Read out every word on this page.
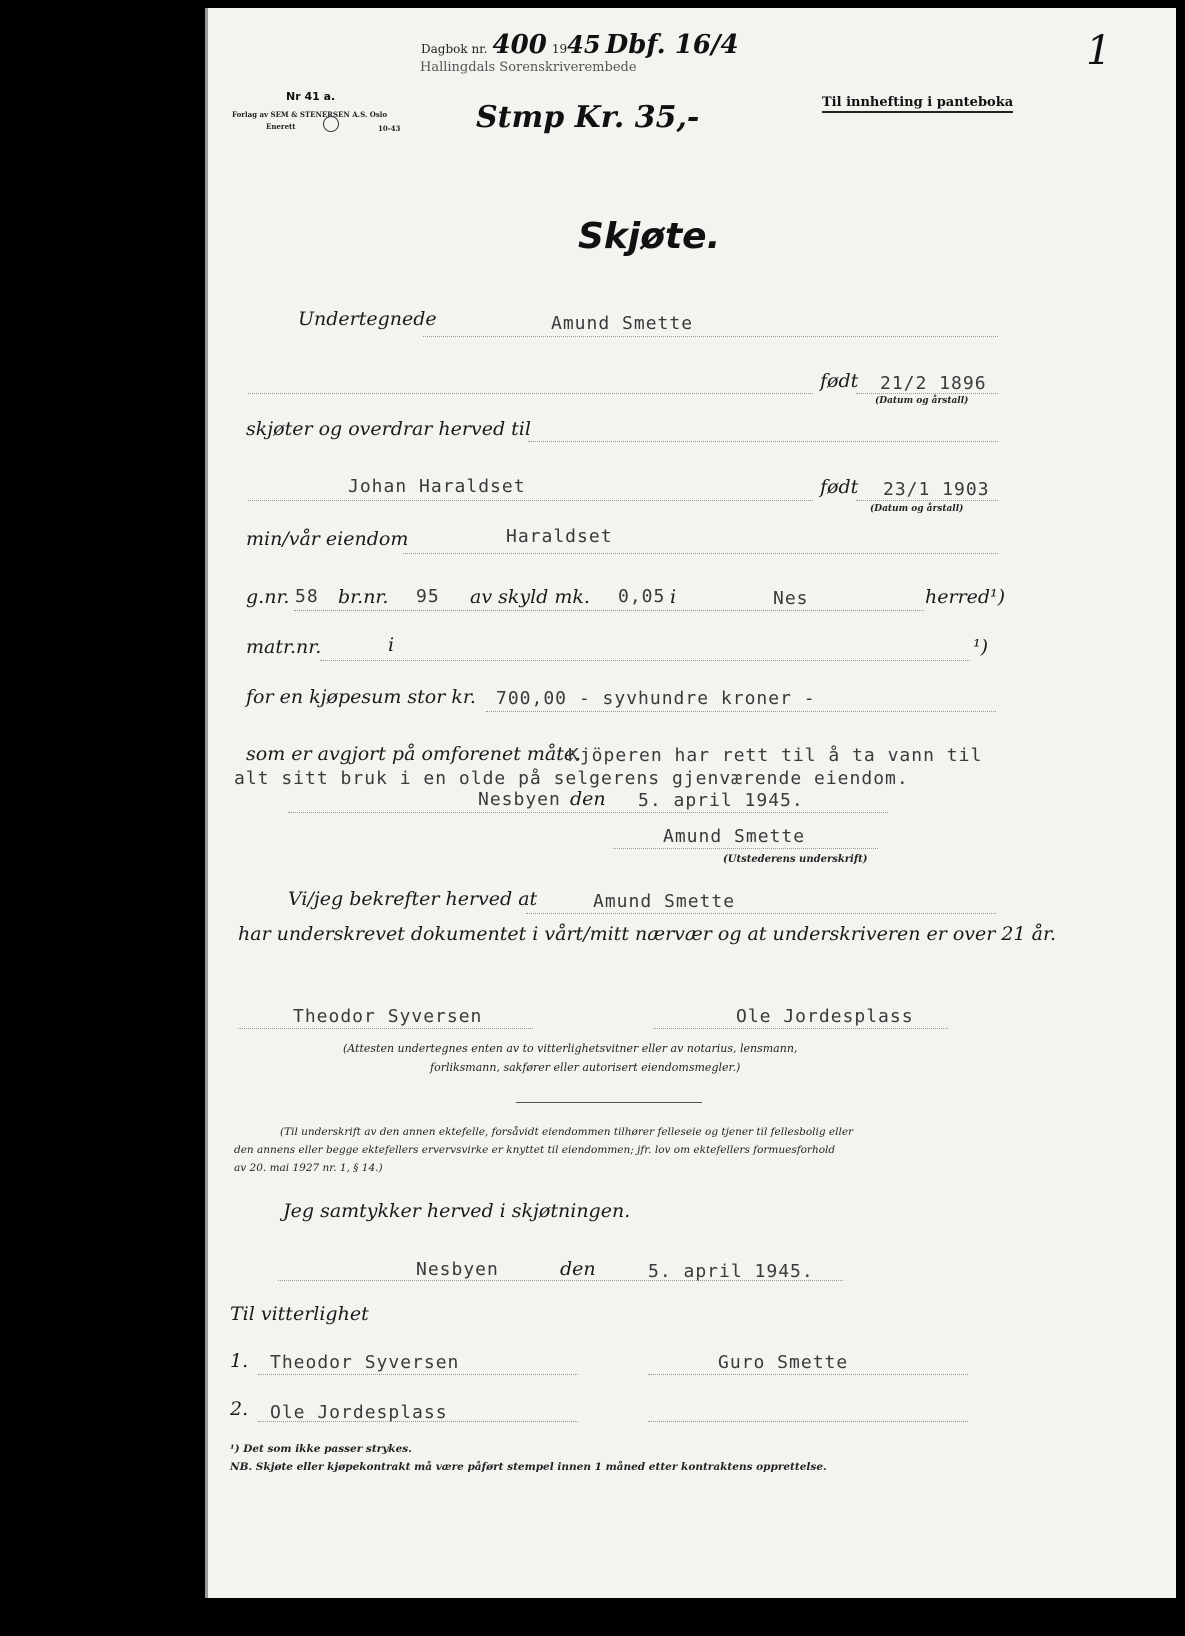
Dagbok nr. 400 1945 Dbf. 16/4
Hallingdals Sorenskriverembede
Nr 41 a.
Forlag av SEM & STENERSEN A.S. Oslo
Enerett	10-43	Stmp Kr. 35,-	Til innhefting i panteboka
1
Skjøte.
Undertegnede	Amund Smette
født 21/2 1896
(Datum og årstall)
skjøter og overdrar herved til
Johan Haraldset	født 23/1 1903
(Datum og årstall)
min/vår eiendom	Haraldset
g.nr. 58 br.nr. 95 av skyld mk. 0,05 i	Nes	herred¹)
matr.nr.	i	¹)
for en kjøpesum stor kr. 700,00 - syvhundre kroner -
som er avgjort på omforenet måte.
Kjöperen har rett til å ta vann til
alt sitt bruk i en olde på selgerens gjenværende eiendom.
Nesbyen den 5. april 1945.
Amund Smette
(Utstederens underskrift)
Vi/jeg bekrefter herved at	Amund Smette
har underskrevet dokumentet i vårt/mitt nærvær og at underskriveren er over 21 år.
Theodor Syversen	Ole Jordesplass
(Attesten undertegnes enten av to vitterlighetsvitner eller av notarius, lensmann,
forliksmann, sakfører eller autorisert eiendomsmegler.)
(Til underskrift av den annen ektefelle, forsåvidt eiendommen tilhører felleseie og tjener til fellesbolig eller
den annens eller begge ektefellers ervervsvirke er knyttet til eiendommen; jfr. lov om ektefellers formuesforhold
av 20. mai 1927 nr. 1, § 14.)
Jeg samtykker herved i skjøtningen.
Nesbyen	den	5. april 1945.
Til vitterlighet
1. Theodor Syversen	Guro Smette
2. Ole Jordesplass
¹) Det som ikke passer strykes.
NB. Skjøte eller kjøpekontrakt må være påført stempel innen 1 måned etter kontraktens opprettelse.
